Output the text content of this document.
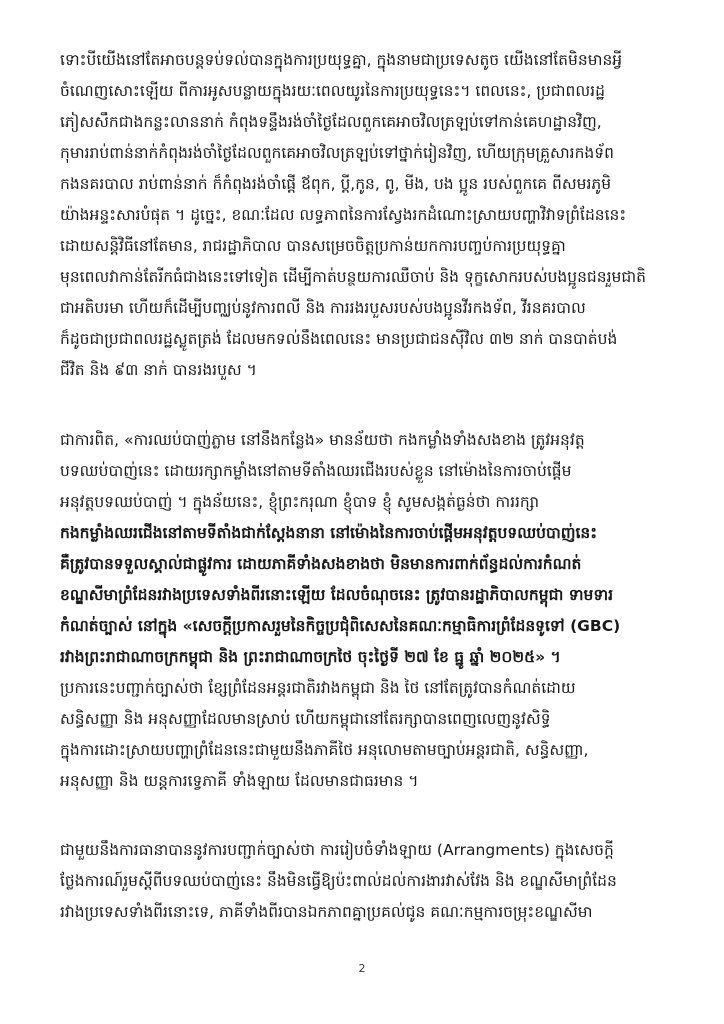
ទោះបីយើងនៅតែអាចបន្តទប់ទល់បានក្នុងការប្រយុទ្ធគ្នា, ក្នុងនាមជាប្រទេសតូច យើងនៅតែមិនមានអ្វី
ចំណេញសោះឡើយ ពីការអូសបន្លាយក្នុងរយៈពេលយូរនៃការប្រយុទ្ធនេះ។ ពេលនេះ, ប្រជាពលរដ្ឋ
ភៀសសឹកជាងកន្លះលាននាក់ កំពុងទន្ទឹងរង់ចាំថ្ងៃដែលពួកគេអាចវិលត្រឡប់ទៅកាន់គេហដ្ឋានវិញ,
កុមាររាប់ពាន់នាក់កំពុងរង់ចាំថ្ងៃដែលពួកគេអាចវិលត្រឡប់ទៅថ្នាក់រៀនវិញ, ហើយក្រុមគ្រួសារកងទ័ព
កងនគរបាល រាប់ពាន់នាក់ ក៏កំពុងរង់ចាំផ្ដើ ឪពុក, ប្ដី,កូន, ពូ, មីង, បង ប្អូន របស់ពួកគេ ពីសមរភូមិ
យ៉ាងអន្ទះសារបំផុត ។ ដូច្នេះ, ខណៈដែល លទ្ធភាពនៃការស្វែងរកដំណោះស្រាយបញ្ហាវិវាទព្រំដែននេះ
ដោយសន្តិវិធីនៅតែមាន, រាជរដ្ឋាភិបាល បានសម្រេចចិត្តប្រកាន់យកការបញ្ចប់ការប្រយុទ្ធគ្នា
មុនពេលវាកាន់តែរីកធំជាងនេះទៅទៀត ដើម្បីកាត់បន្ថយការឈឺចាប់ និង ទុក្ខសោករបស់បងប្អូនជនរួមជាតិ
ជាអតិបរមា ហើយក៏ដើម្បីបញ្ឈប់នូវការពលី និង ការរងរបួសរបស់បងប្អូនវីរកងទ័ព, វីរនគរបាល
ក៏ដូចជាប្រជាពលរដ្ឋស្លូតត្រង់ ដែលមកទល់នឹងពេលនេះ មានប្រជាជនស៊ីវិល ៣២ នាក់ បានបាត់បង់
ជីវិត និង ៩៣ នាក់ បានរងរបួស ។
ជាការពិត, «ការឈប់បាញ់ភ្លាម នៅនឹងកន្លែង» មានន័យថា កងកម្លាំងទាំងសងខាង ត្រូវអនុវត្ត
បទឈប់បាញ់នេះ ដោយរក្សាកម្លាំងនៅតាមទីតាំងឈរជើងរបស់ខ្លួន នៅម៉ោងនៃការចាប់ផ្ដើម
អនុវត្តបទឈប់បាញ់ ។ ក្នុងន័យនេះ, ខ្ញុំព្រះករុណា ខ្ញុំបាទ ខ្ញុំ សូមសង្កត់ធ្ងន់ថា ការរក្សា
កងកម្លាំងឈរជើងនៅតាមទីតាំងជាក់ស្តែងនានា នៅម៉ោងនៃការចាប់ផ្តើមអនុវត្តបទឈប់បាញ់នេះ
គឺត្រូវបានទទួលស្គាល់ជាផ្លូវការ ដោយភាគីទាំងសងខាងថា មិនមានការពាក់ព័ន្ធដល់ការកំណត់
ខណ្ឌសីមាព្រំដែនរវាងប្រទេសទាំងពីរនោះឡើយ ដែលចំណុចនេះ ត្រូវបានរដ្ឋាភិបាលកម្ពុជា ទាមទារ
កំណត់ច្បាស់ នៅក្នុង «សេចក្តីប្រកាសរួមនៃកិច្ចប្រជុំពិសេសនៃគណៈកម្មាធិការព្រំដែនទូទៅ (GBC)
រវាងព្រះរាជាណាចក្រកម្ពុជា និង ព្រះរាជាណាចក្រថៃ ចុះថ្ងៃទី ២៧ ខែ ធ្នូ ឆ្នាំ ២០២៥» ។
ប្រការនេះបញ្ជាក់ច្បាស់ថា ខ្សែព្រំដែនអន្តរជាតិរវាងកម្ពុជា និង ថៃ នៅតែត្រូវបានកំណត់ដោយ
សន្ធិសញ្ញា និង អនុសញ្ញាដែលមានស្រាប់ ហើយកម្ពុជានៅតែរក្សាបានពេញលេញនូវសិទ្ធិ
ក្នុងការដោះស្រាយបញ្ហាព្រំដែននេះជាមួយនឹងភាគីថៃ អនុលោមតាមច្បាប់អន្តរជាតិ, សន្ធិសញ្ញា,
អនុសញ្ញា និង យន្តការទ្វេភាគី ទាំងឡាយ ដែលមានជាធរមាន ។
ជាមួយនឹងការធានាបាននូវការបញ្ជាក់ច្បាស់ថា ការរៀបចំទាំងឡាយ (Arrangments) ក្នុងសេចក្តី
ថ្លែងការណ៍រួមស្តីពីបទឈប់បាញ់នេះ នឹងមិនធ្វើឱ្យប៉ះពាល់ដល់ការងារវាស់វែង និង ខណ្ឌសីមាព្រំដែន
រវាងប្រទេសទាំងពីរនោះទេ, ភាគីទាំងពីរបានឯកភាពគ្នាប្រគល់ជូន គណៈកម្មការចម្រុះខណ្ឌសីមា
2
